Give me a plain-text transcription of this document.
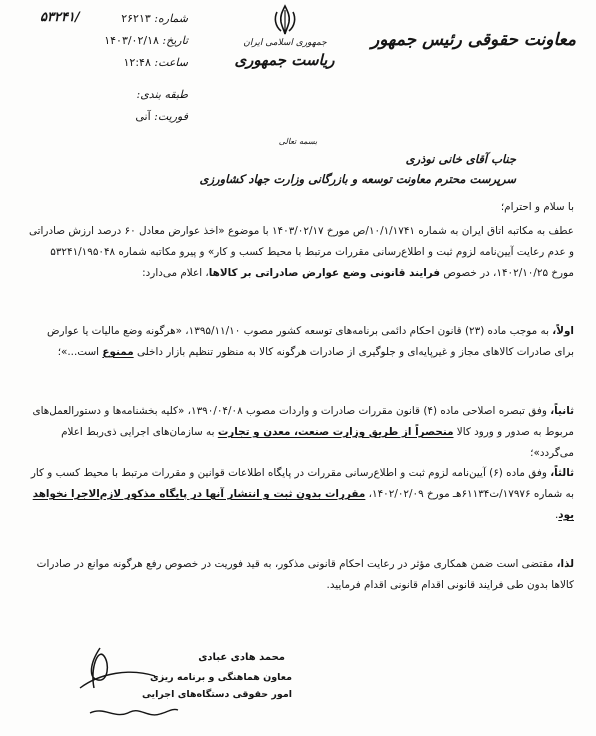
۵۳۲۴۱/	شماره: ۲۶۲۱۳
تاریخ: ۱۴۰۳/۰۲/۱۸
ساعت: ۱۲:۴۸
طبقه بندی:
فوریت: آنی
جمهوری اسلامی ایران
ریاست جمهوری
معاونت حقوقی رئیس جمهور
بسمه تعالی
جناب آقای خانی نوذری
سرپرست محترم معاونت توسعه و بازرگانی وزارت جهاد کشاورزی
با سلام و احترام؛
عطف به مکاتبه اتاق ایران به شماره ۱۰/۱/۱۷۴۱/ص مورخ ۱۴۰۳/۰۲/۱۷ با موضوع «اخذ عوارض معادل ۶۰ درصد ارزش صادراتی و عدم رعایت آیین‌نامه لزوم ثبت و اطلاع‌رسانی مقررات مرتبط با محیط کسب و کار» و پیرو مکاتبه شماره ۵۳۲۴۱/۱۹۵۰۴۸ مورخ ۱۴۰۲/۱۰/۲۵، در خصوص فرایند قانونی وضع عوارض صادراتی بر کالاها، اعلام می‌دارد:
اولاً، به موجب ماده (۲۳) قانون احکام دائمی برنامه‌های توسعه کشور مصوب ۱۳۹۵/۱۱/۱۰، «هرگونه وضع مالیات یا عوارض برای صادرات کالاهای مجاز و غیرپایه‌ای و جلوگیری از صادرات هرگونه کالا به منظور تنظیم بازار داخلی ممنوع است...»؛
ثانیاً، وفق تبصره اصلاحی ماده (۴) قانون مقررات صادرات و واردات مصوب ۱۳۹۰/۰۴/۰۸، «کلیه بخشنامه‌ها و دستورالعمل‌های مربوط به صدور و ورود کالا منحصراً از طریق وزارت صنعت، معدن و تجارت به سازمان‌های اجرایی ذی‌ربط اعلام می‌گردد»؛
ثالثاً، وفق ماده (۶) آیین‌نامه لزوم ثبت و اطلاع‌رسانی مقررات در پایگاه اطلاعات قوانین و مقررات مرتبط با محیط کسب و کار به شماره ۱۷۹۷۶/ت۶۱۱۳۴هـ مورخ ۱۴۰۲/۰۲/۰۹، مقررات بدون ثبت و انتشار آنها در پایگاه مذکور لازم‌الاجرا نخواهد بود.
لذا، مقتضی است ضمن همکاری مؤثر در رعایت احکام قانونی مذکور، به قید فوریت در خصوص رفع هرگونه موانع در صادرات کالاها بدون طی فرایند قانونی اقدام قانونی اقدام فرمایید.
محمد هادی عبادی
معاون هماهنگی و برنامه ریزی
امور حقوقی دستگاه‌های اجرایی
